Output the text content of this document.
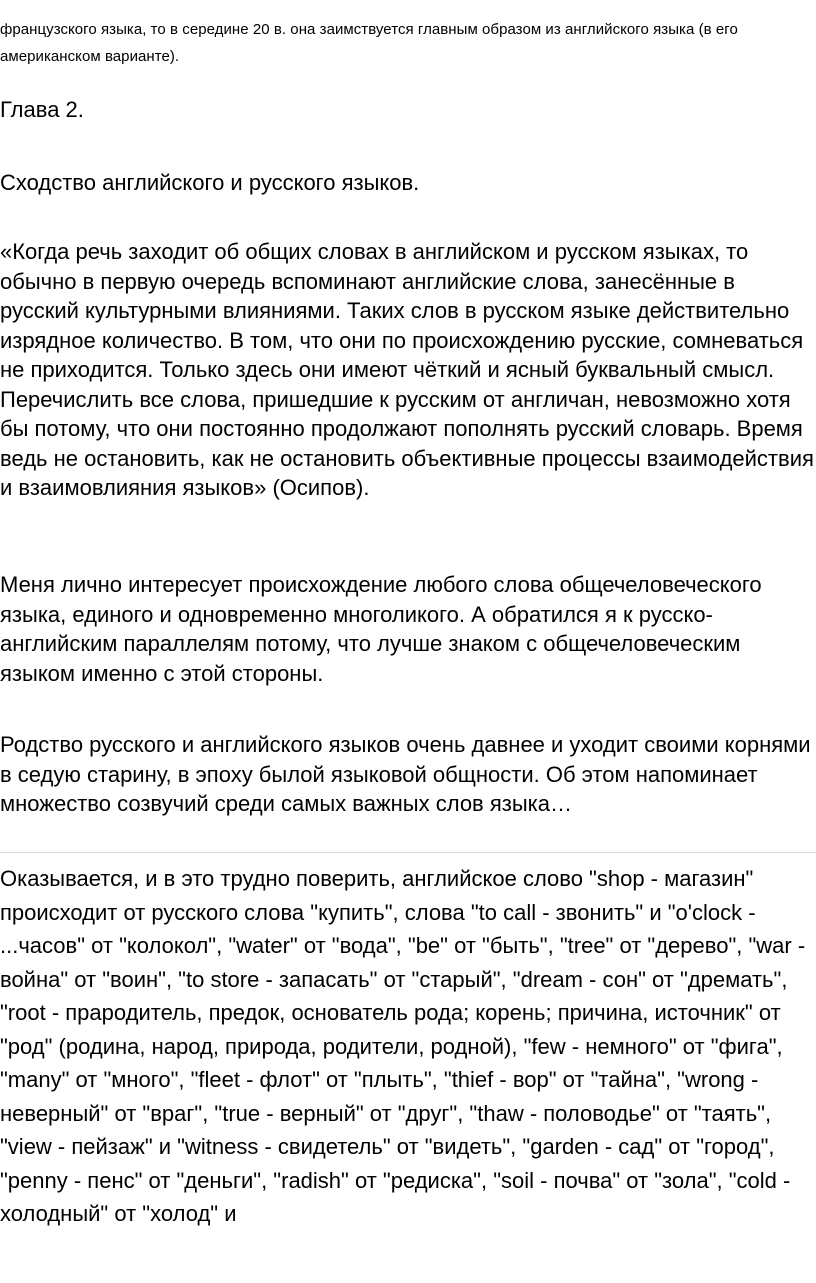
французского языка, то в середине 20 в. она заимствуется главным образом из английского языка (в его американском варианте).
Глава 2.
Сходство английского и русского языков.
«Когда речь заходит об общих словах в английском и русском языках, то обычно в первую очередь вспоминают английские слова, занесённые в русский культурными влияниями. Таких слов в русском языке действительно изрядное количество. В том, что они по происхождению русские, сомневаться не приходится. Только здесь они имеют чёткий и ясный буквальный смысл. Перечислить все слова, пришедшие к русским от англичан, невозможно хотя бы потому, что они постоянно продолжают пополнять русский словарь. Время ведь не остановить, как не остановить объективные процессы взаимодействия и взаимовлияния языков» (Осипов).
Меня лично интересует происхождение любого слова общечеловеческого языка, единого и одновременно многоликого. А обратился я к русско-английским параллелям потому, что лучше знаком с общечеловеческим языком именно с этой стороны.
Родство русского и английского языков очень давнее и уходит своими корнями в седую старину, в эпоху былой языковой общности. Об этом напоминает множество созвучий среди самых важных слов языка…
Оказывается, и в это трудно поверить, английское слово "shop - магазин" происходит от русского слова "купить", слова "to call - звонить" и "o'clock - ...часов" от "колокол", "water" от "вода", "be" от "быть", "tree" от "дерево", "war - война" от "воин", "to store - запасать" от "старый", "dream - сон" от "дремать", "root - прародитель, предок, основатель рода; корень; причина, источник" от "род" (родина, народ, природа, родители, родной), "few - немного" от "фига", "many" от "много", "fleet - флот" от "плыть", "thief - вор" от "тайна", "wrong - неверный" от "враг", "true - верный" от "друг", "thaw - половодье" от "таять", "view - пейзаж" и "witness - свидетель" от "видеть", "garden - сад" от "город", "penny - пенс" от "деньги", "radish" от "редиска", "soil - почва" от "зола", "cold - холодный" от "холод" и
